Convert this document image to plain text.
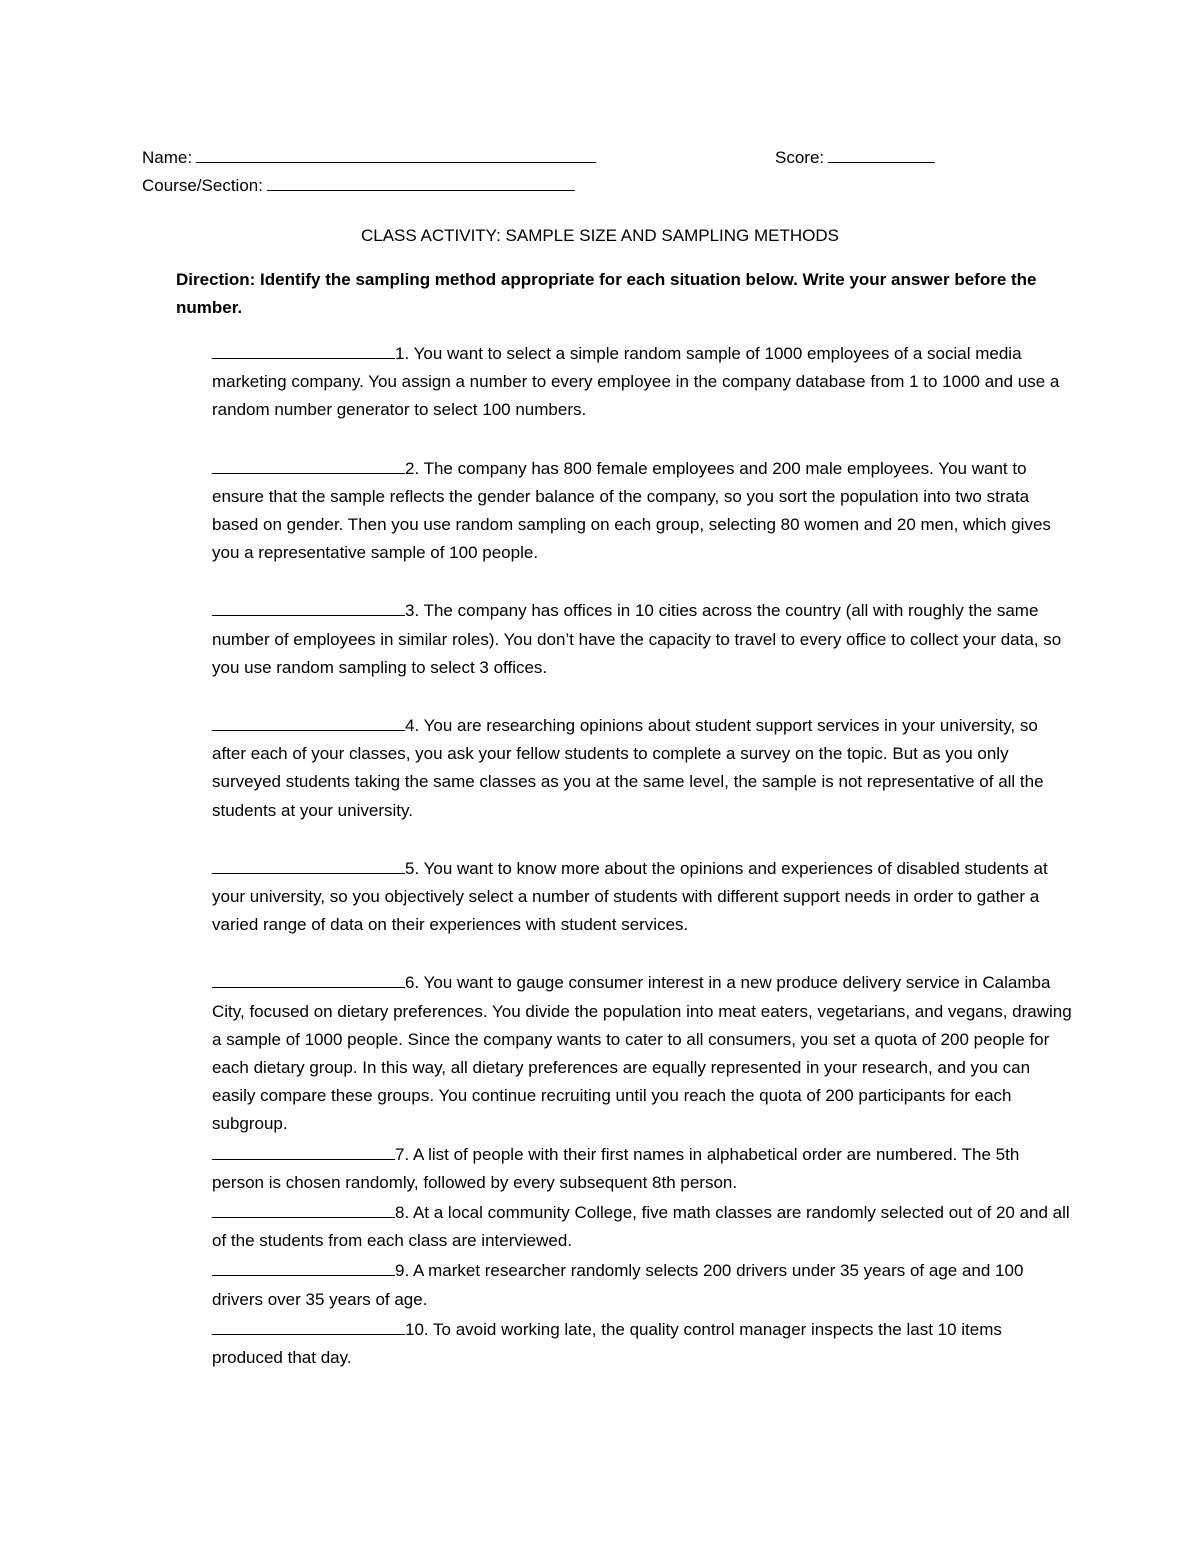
Name:	Score:
Course/Section:
CLASS ACTIVITY: SAMPLE SIZE AND SAMPLING METHODS
Direction: Identify the sampling method appropriate for each situation below. Write your answer before the number.

1. You want to select a simple random sample of 1000 employees of a social media marketing company. You assign a number to every employee in the company database from 1 to 1000 and use a random number generator to select 100 numbers.

2. The company has 800 female employees and 200 male employees. You want to ensure that the sample reflects the gender balance of the company, so you sort the population into two strata based on gender. Then you use random sampling on each group, selecting 80 women and 20 men, which gives you a representative sample of 100 people.

3. The company has offices in 10 cities across the country (all with roughly the same number of employees in similar roles). You don’t have the capacity to travel to every office to collect your data, so you use random sampling to select 3 offices.

4. You are researching opinions about student support services in your university, so after each of your classes, you ask your fellow students to complete a survey on the topic. But as you only surveyed students taking the same classes as you at the same level, the sample is not representative of all the students at your university.

5. You want to know more about the opinions and experiences of disabled students at your university, so you objectively select a number of students with different support needs in order to gather a varied range of data on their experiences with student services.

6. You want to gauge consumer interest in a new produce delivery service in Calamba City, focused on dietary preferences. You divide the population into meat eaters, vegetarians, and vegans, drawing a sample of 1000 people. Since the company wants to cater to all consumers, you set a quota of 200 people for each dietary group. In this way, all dietary preferences are equally represented in your research, and you can easily compare these groups. You continue recruiting until you reach the quota of 200 participants for each subgroup.

7. A list of people with their first names in alphabetical order are numbered. The 5th person is chosen randomly, followed by every subsequent 8th person.

8. At a local community College, five math classes are randomly selected out of 20 and all of the students from each class are interviewed.

9. A market researcher randomly selects 200 drivers under 35 years of age and 100 drivers over 35 years of age.

10. To avoid working late, the quality control manager inspects the last 10 items produced that day.
